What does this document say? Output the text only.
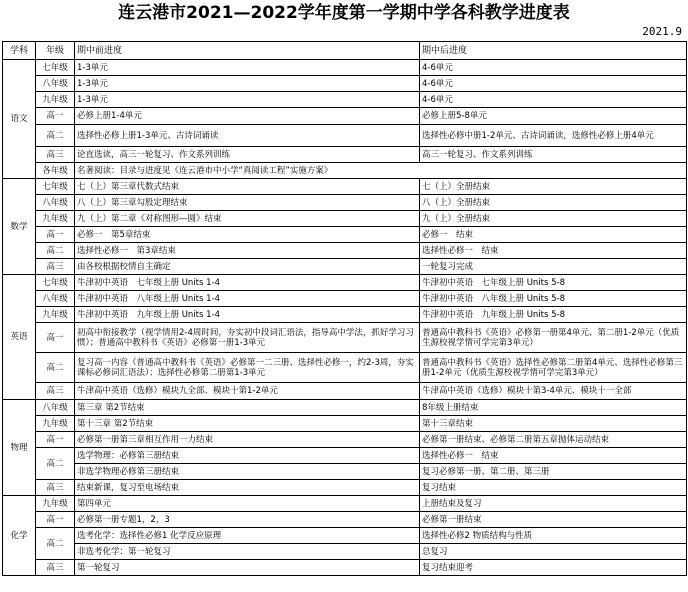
连云港市2021—2022学年度第一学期中学各科教学进度表
2021.9
学科	年级	期中前进度	期中后进度
语文	七年级	1-3单元	4-6单元
	八年级	1-3单元	4-6单元
	九年级	1-3单元	4-6单元
	高一	必修上册1-4单元	必修上册5-8单元
	高二	选择性必修上册1-3单元、古诗词诵读	选择性必修中册1-2单元、古诗词诵读，选修性必修上册4单元
	高三	论直选读，高三一轮复习、作文系列训练	高三一轮复习、作文系列训练
	各年级	名著阅读：目录与进度见《连云港市中小学“真阅读工程”实施方案》	
数学	七年级	七（上）第三章代数式结束	七（上）全册结束
	八年级	八（上）第三章勾股定理结束	八（上）全册结束
	九年级	九（上）第二章《对称图形—圆》结束	九（上）全册结束
	高一	必修一　第5章结束	必修一　结束
	高二	选择性必修一　第3章结束	选择性必修一　结束
	高三	由各校根据校情自主确定	一轮复习完成
英语	七年级	牛津初中英语　七年级上册 Units 1-4	牛津初中英语　七年级上册 Units 5-8
	八年级	牛津初中英语　八年级上册 Units 1-4	牛津初中英语　八年级上册 Units 5-8
	九年级	牛津初中英语　九年级上册 Units 1-4	牛津初中英语　九年级上册 Units 5-8
	高一	初高中衔接教学（视学情用2-4周时间，夯实初中段词汇语法，指导高中学法，抓好学习习惯）；普通高中教科书《英语》必修第一册1-3单元	普通高中教科书《英语》必修第一册第4单元、第二册1-2单元（优质生源校视学情可学完第3单元）
	高二	复习高一内容（普通高中教科书《英语》必修第一二三册、选择性必修一，约2-3周，夯实课标必修词汇语法）；选择性必修第二册第1-3单元	普通高中教科书《英语》选择性必修第二册第4单元、选择性必修第三册1-2单元（优质生源校视学情可学完第3单元）
	高三	牛津高中英语（选修）模块九全部、模块十第1-2单元	牛津高中英语（选修）模块十第3-4单元、模块十一全部
物理	八年级	第三章 第2节结束	8年级上册结束
	九年级	第十三章 第2节结束	第十三章结束
	高一	必修第一册第三章相互作用一力结束	必修第一册结束、必修第二册第五章抛体运动结束
	高二	选学物理：必修第三册结束	选择性必修一　结束
		非选学物理必修第三册结束	复习必修第一册、第二册、第三册
	高三	结束新课，复习至电场结束	复习结束
化学	九年级	第四单元	上册结束及复习
	高一	必修第一册专题1，2，3	必修第一册结束
	高二	选考化学：选择性必修1 化学反应原理	选择性必修2 物质结构与性质
		非选考化学：第一轮复习	总复习
	高三	第一轮复习	复习结束迎考
